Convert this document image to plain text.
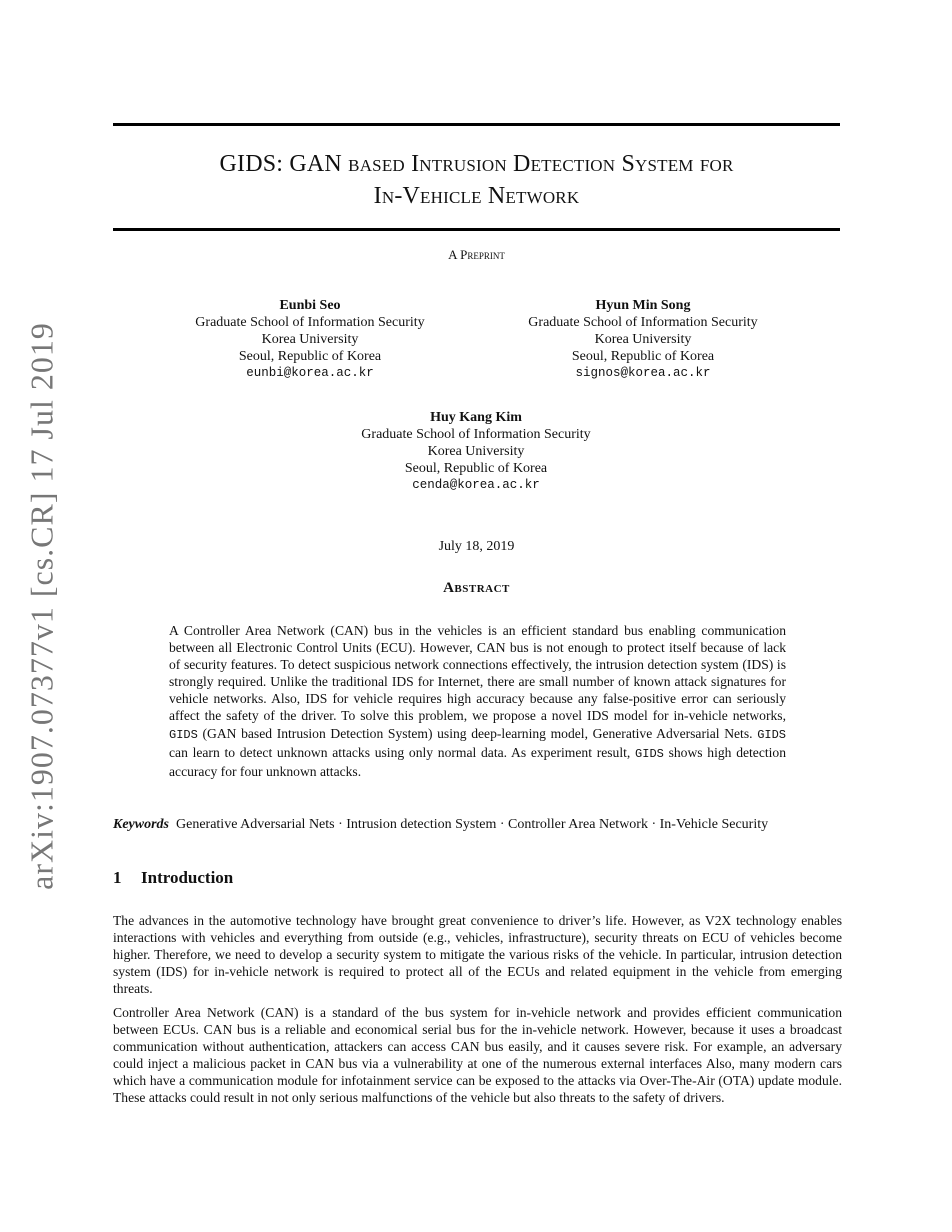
arXiv:1907.07377v1 [cs.CR] 17 Jul 2019
GIDS: GAN based Intrusion Detection System for
In-Vehicle Network
A Preprint
Eunbi Seo
Graduate School of Information Security
Korea University
Seoul, Republic of Korea
eunbi@korea.ac.kr
Hyun Min Song
Graduate School of Information Security
Korea University
Seoul, Republic of Korea
signos@korea.ac.kr
Huy Kang Kim
Graduate School of Information Security
Korea University
Seoul, Republic of Korea
cenda@korea.ac.kr
July 18, 2019
Abstract
A Controller Area Network (CAN) bus in the vehicles is an efficient standard bus enabling communication between all Electronic Control Units (ECU). However, CAN bus is not enough to protect itself because of lack of security features. To detect suspicious network connections effectively, the intrusion detection system (IDS) is strongly required. Unlike the traditional IDS for Internet, there are small number of known attack signatures for vehicle networks. Also, IDS for vehicle requires high accuracy because any false-positive error can seriously affect the safety of the driver. To solve this problem, we propose a novel IDS model for in-vehicle networks, GIDS (GAN based Intrusion Detection System) using deep-learning model, Generative Adversarial Nets. GIDS can learn to detect unknown attacks using only normal data. As experiment result, GIDS shows high detection accuracy for four unknown attacks.
Keywords Generative Adversarial Nets · Intrusion detection System · Controller Area Network · In-Vehicle Security
1 Introduction
The advances in the automotive technology have brought great convenience to driver’s life. However, as V2X technology enables interactions with vehicles and everything from outside (e.g., vehicles, infrastructure), security threats on ECU of vehicles become higher. Therefore, we need to develop a security system to mitigate the various risks of the vehicle. In particular, intrusion detection system (IDS) for in-vehicle network is required to protect all of the ECUs and related equipment in the vehicle from emerging threats.
Controller Area Network (CAN) is a standard of the bus system for in-vehicle network and provides efficient communication between ECUs. CAN bus is a reliable and economical serial bus for the in-vehicle network. However, because it uses a broadcast communication without authentication, attackers can access CAN bus easily, and it causes severe risk. For example, an adversary could inject a malicious packet in CAN bus via a vulnerability at one of the numerous external interfaces Also, many modern cars which have a communication module for infotainment service can be exposed to the attacks via Over-The-Air (OTA) update module. These attacks could result in not only serious malfunctions of the vehicle but also threats to the safety of drivers.
